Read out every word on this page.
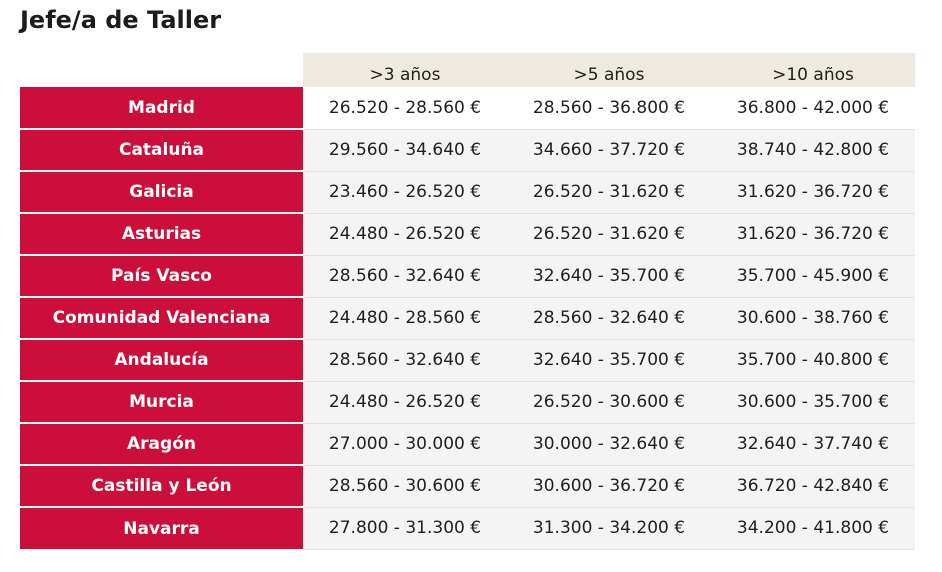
Jefe/a de Taller
	>3 años	>5 años	>10 años
Madrid	26.520 - 28.560 €	28.560 - 36.800 €	36.800 - 42.000 €
Cataluña	29.560 - 34.640 €	34.660 - 37.720 €	38.740 - 42.800 €
Galicia	23.460 - 26.520 €	26.520 - 31.620 €	31.620 - 36.720 €
Asturias	24.480 - 26.520 €	26.520 - 31.620 €	31.620 - 36.720 €
País Vasco	28.560 - 32.640 €	32.640 - 35.700 €	35.700 - 45.900 €
Comunidad Valenciana	24.480 - 28.560 €	28.560 - 32.640 €	30.600 - 38.760 €
Andalucía	28.560 - 32.640 €	32.640 - 35.700 €	35.700 - 40.800 €
Murcia	24.480 - 26.520 €	26.520 - 30.600 €	30.600 - 35.700 €
Aragón	27.000 - 30.000 €	30.000 - 32.640 €	32.640 - 37.740 €
Castilla y León	28.560 - 30.600 €	30.600 - 36.720 €	36.720 - 42.840 €
Navarra	27.800 - 31.300 €	31.300 - 34.200 €	34.200 - 41.800 €
